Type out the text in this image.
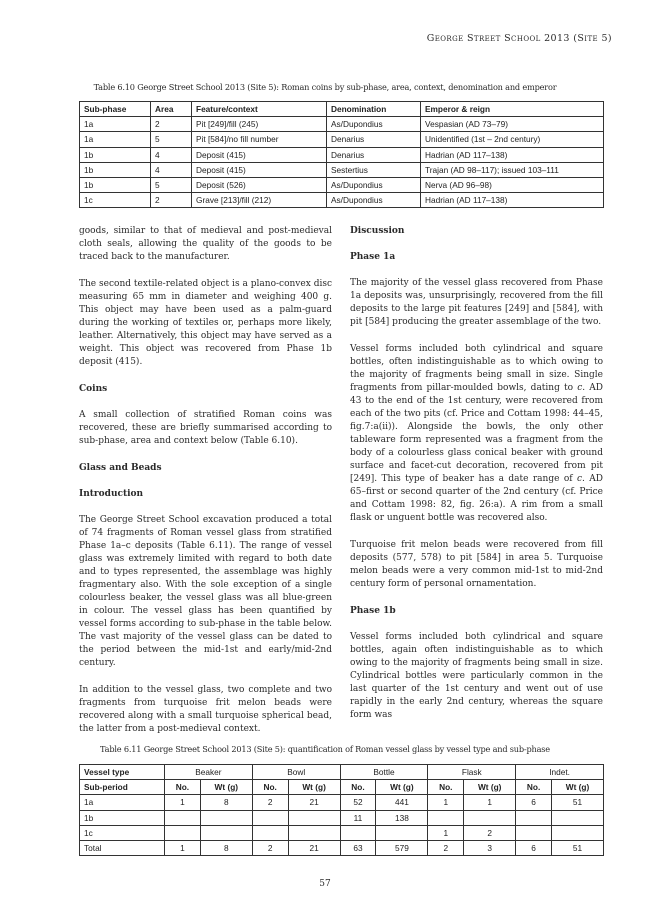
George Street School 2013 (Site 5)
Table 6.10 George Street School 2013 (Site 5): Roman coins by sub-phase, area, context, denomination and emperor
Sub-phase	Area	Feature/context	Denomination	Emperor & reign
1a	2	Pit [249]/fill (245)	As/Dupondius	Vespasian (AD 73–79)
1a	5	Pit [584]/no fill number	Denarius	Unidentified (1st – 2nd century)
1b	4	Deposit (415)	Denarius	Hadrian (AD 117–138)
1b	4	Deposit (415)	Sestertius	Trajan (AD 98–117); issued 103–111
1b	5	Deposit (526)	As/Dupondius	Nerva (AD 96–98)
1c	2	Grave [213]/fill (212)	As/Dupondius	Hadrian (AD 117–138)

goods, similar to that of medieval and post-medieval cloth seals, allowing the quality of the goods to be traced back to the manufacturer.

The second textile-related object is a plano-convex disc measuring 65 mm in diameter and weighing 400 g. This object may have been used as a palm-guard during the working of textiles or, perhaps more likely, leather. Alternatively, this object may have served as a weight. This object was recovered from Phase 1b deposit (415).

Coins

A small collection of stratified Roman coins was recovered, these are briefly summarised according to sub-phase, area and context below (Table 6.10).

Glass and Beads
Introduction

The George Street School excavation produced a total of 74 fragments of Roman vessel glass from stratified Phase 1a–c deposits (Table 6.11). The range of vessel glass was extremely limited with regard to both date and to types represented, the assemblage was highly fragmentary also. With the sole exception of a single colourless beaker, the vessel glass was all blue-green in colour. The vessel glass has been quantified by vessel forms according to sub-phase in the table below. The vast majority of the vessel glass can be dated to the period between the mid-1st and early/mid-2nd century.

In addition to the vessel glass, two complete and two fragments from turquoise frit melon beads were recovered along with a small turquoise spherical bead, the latter from a post-medieval context.

Discussion
Phase 1a

The majority of the vessel glass recovered from Phase 1a deposits was, unsurprisingly, recovered from the fill deposits to the large pit features [249] and [584], with pit [584] producing the greater assemblage of the two.

Vessel forms included both cylindrical and square bottles, often indistinguishable as to which owing to the majority of fragments being small in size. Single fragments from pillar-moulded bowls, dating to c. AD 43 to the end of the 1st century, were recovered from each of the two pits (cf. Price and Cottam 1998: 44–45, fig.7:a(ii)). Alongside the bowls, the only other tableware form represented was a fragment from the body of a colourless glass conical beaker with ground surface and facet-cut decoration, recovered from pit [249]. This type of beaker has a date range of c. AD 65–first or second quarter of the 2nd century (cf. Price and Cottam 1998: 82, fig. 26:a). A rim from a small flask or unguent bottle was recovered also.

Turquoise frit melon beads were recovered from fill deposits (577, 578) to pit [584] in area 5. Turquoise melon beads were a very common mid-1st to mid-2nd century form of personal ornamentation.

Phase 1b

Vessel forms included both cylindrical and square bottles, again often indistinguishable as to which owing to the majority of fragments being small in size. Cylindrical bottles were particularly common in the last quarter of the 1st century and went out of use rapidly in the early 2nd century, whereas the square form was

Table 6.11 George Street School 2013 (Site 5): quantification of Roman vessel glass by vessel type and sub-phase
Vessel type	Beaker		Bowl		Bottle		Flask		Indet.	
Sub-period	No.	Wt (g)	No.	Wt (g)	No.	Wt (g)	No.	Wt (g)	No.	Wt (g)
1a	1	8	2	21	52	441	1	1	6	51
1b					11	138				
1c							1	2		
Total	1	8	2	21	63	579	2	3	6	51
57
